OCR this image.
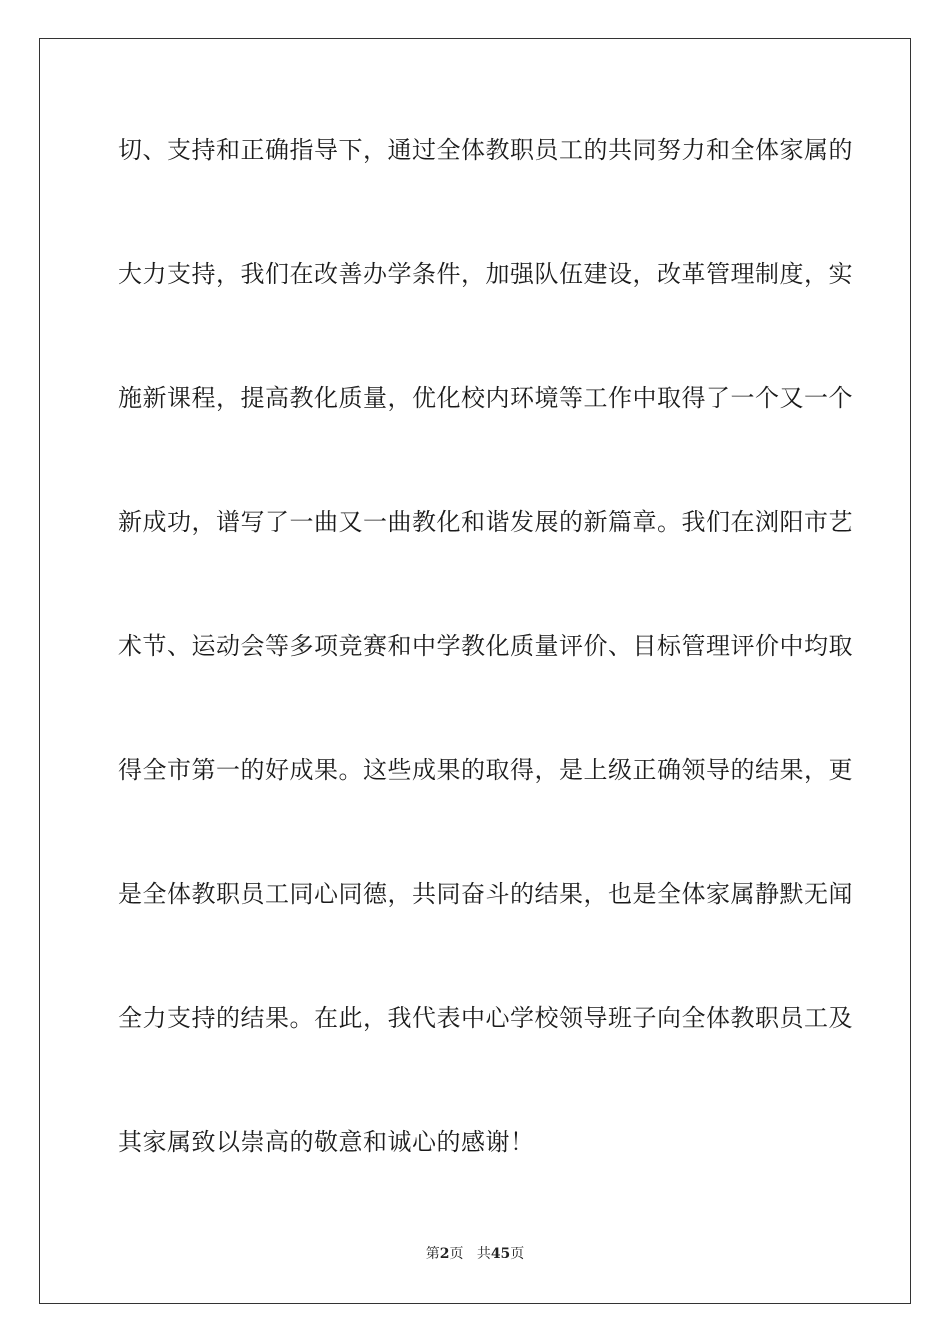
切、支持和正确指导下，通过全体教职员工的共同努力和全体家属的
大力支持，我们在改善办学条件，加强队伍建设，改革管理制度，实
施新课程，提高教化质量，优化校内环境等工作中取得了一个又一个
新成功，谱写了一曲又一曲教化和谐发展的新篇章。我们在浏阳市艺
术节、运动会等多项竞赛和中学教化质量评价、目标管理评价中均取
得全市第一的好成果。这些成果的取得，是上级正确领导的结果，更
是全体教职员工同心同德，共同奋斗的结果，也是全体家属静默无闻
全力支持的结果。在此，我代表中心学校领导班子向全体教职员工及
其家属致以崇高的敬意和诚心的感谢！
第2页 共45页
